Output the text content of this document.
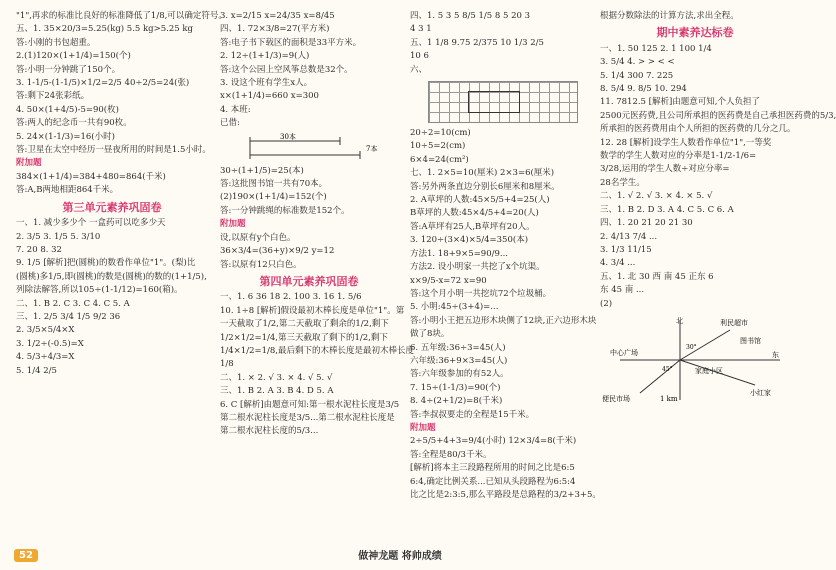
"1",再求的标准比良好的标准降低了1/8,可以确定符号。
五、1. 35×20/3=5.25(kg) 5.5 kg>5.25 kg
答:小刚的书包超重。
2.(1)120×(1+1/4)=150(个)
答:小明一分钟跳了150个。
3. 1-1/5-(1-1/5)×1/2=2/5 40÷2/5=24(张)
答:剩下24张彩纸。
4. 50×(1+4/5)-5=90(枚)
答:两人的纪念币一共有90枚。
5. 24×(1-1/3)=16(小时)
答:卫星在太空中经历一昼夜所用的时间是1.5小时。
附加题
384×(1+1/4)=384+480=864(千米)
答:A,B两地相距864千米。
第三单元素养巩固卷
一、1. 减少多少个 一盒药可以吃多少天
2. 3/5 3. 1/5 5. 3/10
7. 20 8. 32
9. 1/5 [解析]把(圆桃)的数看作单位"1"。(梨)比
(圆桃)多1/5,即(圆桃)的数是(圆桃)的数的(1+1/5),
列除法解答,所以105÷(1-1/12)=160(箱)。
二、1. B 2. C 3. C 4. C 5. A
三、1. 2/5 3/4 1/5 9/2 36
2. 3/5×5/4×X
3. 1/2÷(-0.5)=X
4. 5/3÷4/3=X
5. 1/4 2/5
3. x=2/15 x=24/35 x=8/45
四、1. 72×3/8=27(平方米)
答:电子书下载区的面积是33平方米。
2. 12÷(1+1/3)=9(人)
答:这个公园上空风筝总数是32个。
3. 设这个班有学生x人。
x×(1+1/4)=660 x=300
4. 本班:
已借:
30本
7本
30÷(1+1/5)=25(本)
答:这批图书馆一共有70本。
(2)190×(1+1/4)=152(个)
答:一分钟跳绳的标准数是152个。
附加题
设,以原有y个白色。
36×3/4=(36+y)×9/2 y=12
答:以原有12只白色。
第四单元素养巩固卷
一、1. 6 36 18 2. 100 3. 16 1. 5/6
10. 1÷8 [解析]假设最初木棒长度是单位"1"。第
一天截取了1/2,第二天截取了剩余的1/2,剩下
1/2×1/2=1/4,第三天截取了剩下的1/2,剩下
1/4×1/2=1/8,最后剩下的木棒长度是最初木棒长度
1/8
二、1. × 2. √ 3. × 4. √ 5. √
三、1. B 2. A 3. B 4. D 5. A
6. C [解析]由题意可知:第一根水泥柱长度是3/5
第二根水泥柱长度是3/5...第二根水泥柱长度是
第二根水泥柱长度的5/3...
四、1. 5 3 5 8/5 1/5 8 5 20 3
4 3 1
五、1 1/8 9.75 2/375 10 1/3 2/5
10 6
六、
20÷2=10(cm)
10÷5=2(cm)
6×4=24(cm²)
七、1. 2×5=10(厘米) 2×3=6(厘米)
答:另外两条直边分别长6厘米和8厘米。
2. A草坪的人数:45×5/5+4=25(人)
B草坪的人数:45×4/5+4=20(人)
答:A草坪有25人,B草坪有20人。
3. 120÷(3×4)×5/4=350(本)
方法1. 18+9×5=90/9...
方法2. 设小明家一共挖了x个坑渠。
x×9/5-x=72 x=90
答:这个月小明一共挖坑72个垃圾桶。
5. 小明:45÷(3+4)=...
答:小明小王把五边形木块侧了12块,正六边形木块
做了8块。
6. 五年级:36÷3=45(人)
六年级:36+9×3=45(人)
答:六年级参加的有52人。
7. 15÷(1-1/3)=90(个)
8. 4÷(2+1/2)=8(千米)
答:李叔叔要走的全程是15千米。
附加题
2÷5/5+4+3=9/4(小时) 12×3/4=8(千米)
答:全程是80/3千米。
[解析]将本主三段路程所用的时间之比是6:5
6:4,确定比例关系...已知从头段路程为6:5:4
比之比是2:3:5,那么平路段是总路程的3/2+3+5。
根据分数除法的计算方法,求出全程。
期中素养达标卷
一、1. 50 125 2. 1 100 1/4
3. 5/4 4. > > < <
5. 1/4 300 7. 225
8. 5/4 9. 8/5 10. 294
11. 7812.5 [解析]由题意可知,个人负担了
2500元医药费,且公司所承担的医药费是自己承担医药费的5/3,
所承担的医药费用由个人所担的医药费的几分之几。
12. 28 [解析]设学生人数看作单位"1",一等奖
数学的学生人数对应的分率是1-1/2-1/6=
3/28,运用的学生人数÷对应分率=
28名学生。
二、1. √ 2. √ 3. × 4. × 5. √
三、1. B 2. D 3. A 4. C 5. C 6. A
四、1. 20 21 20 21 30
2. 4/13 7/4 ...
3. 1/3 11/15
4. 3/4 ...
五、1. 北 30 西 南 45 正东 6
东 45 南 ...
(2)
北
东
中心广场
图书馆
便民市场
小红家
利民超市
家庭小区
1 km
30°
45°
52	做神龙题 将帅成绩
